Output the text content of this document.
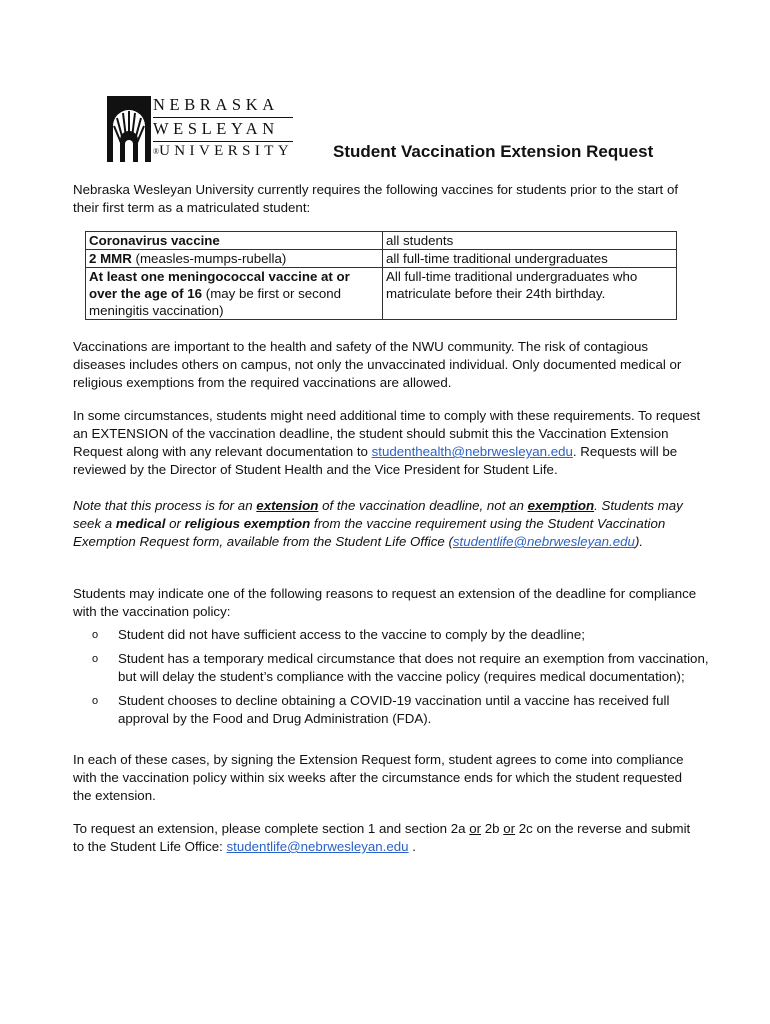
NEBRASKA
WESLEYAN
®UNIVERSITY Student Vaccination Extension Request

Nebraska Wesleyan University currently requires the following vaccines for students prior to the start of their first term as a matriculated student:

Coronavirus vaccine	all students
2 MMR (measles-mumps-rubella)	all full-time traditional undergraduates
At least one meningococcal vaccine at or over the age of 16 (may be first or second meningitis vaccination)	All full-time traditional undergraduates who matriculate before their 24th birthday.

Vaccinations are important to the health and safety of the NWU community. The risk of contagious diseases includes others on campus, not only the unvaccinated individual. Only documented medical or religious exemptions from the required vaccinations are allowed.

In some circumstances, students might need additional time to comply with these requirements. To request an EXTENSION of the vaccination deadline, the student should submit this the Vaccination Extension Request along with any relevant documentation to studenthealth@nebrwesleyan.edu. Requests will be reviewed by the Director of Student Health and the Vice President for Student Life.

Note that this process is for an extension of the vaccination deadline, not an exemption. Students may seek a medical or religious exemption from the vaccine requirement using the Student Vaccination Exemption Request form, available from the Student Life Office (studentlife@nebrwesleyan.edu).

Students may indicate one of the following reasons to request an extension of the deadline for compliance with the vaccination policy:

o Student did not have sufficient access to the vaccine to comply by the deadline;
o Student has a temporary medical circumstance that does not require an exemption from vaccination, but will delay the student’s compliance with the vaccine policy (requires medical documentation);
o Student chooses to decline obtaining a COVID-19 vaccination until a vaccine has received full approval by the Food and Drug Administration (FDA).

In each of these cases, by signing the Extension Request form, student agrees to come into compliance with the vaccination policy within six weeks after the circumstance ends for which the student requested the extension.

To request an extension, please complete section 1 and section 2a or 2b or 2c on the reverse and submit to the Student Life Office: studentlife@nebrwesleyan.edu .
